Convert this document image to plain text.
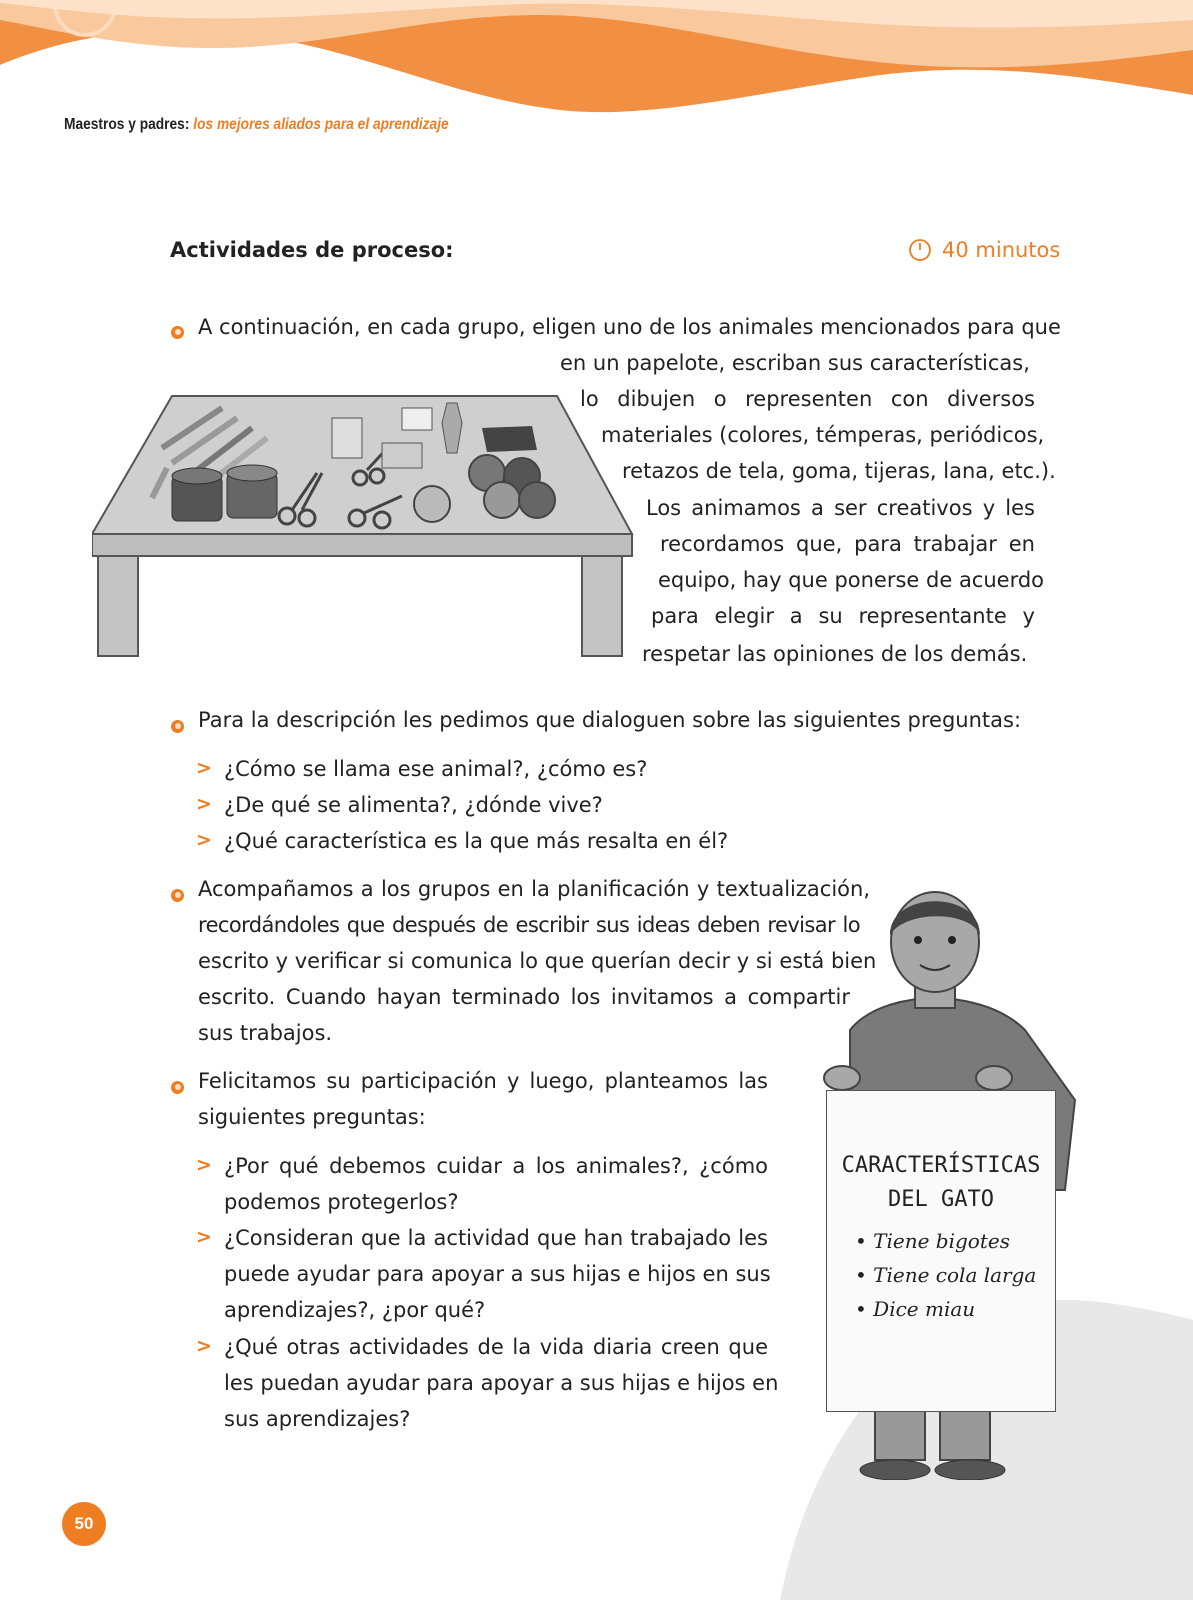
Maestros y padres: los mejores aliados para el aprendizaje
Actividades de proceso:	40 minutos
A continuación, en cada grupo, eligen uno de los animales mencionados para que
en un papelote, escriban sus características,
lo dibujen o representen con diversos
materiales (colores, témperas, periódicos,
retazos de tela, goma, tijeras, lana, etc.).
Los animamos a ser creativos y les
recordamos que, para trabajar en
equipo, hay que ponerse de acuerdo
para elegir a su representante y
respetar las opiniones de los demás.
Para la descripción les pedimos que dialoguen sobre las siguientes preguntas:
> ¿Cómo se llama ese animal?, ¿cómo es?
> ¿De qué se alimenta?, ¿dónde vive?
> ¿Qué característica es la que más resalta en él?
Acompañamos a los grupos en la planificación y textualización,
recordándoles que después de escribir sus ideas deben revisar lo
escrito y verificar si comunica lo que querían decir y si está bien
escrito. Cuando hayan terminado los invitamos a compartir
sus trabajos.
Felicitamos su participación y luego, planteamos las
siguientes preguntas:
> ¿Por qué debemos cuidar a los animales?, ¿cómo
podemos protegerlos?
> ¿Consideran que la actividad que han trabajado les
puede ayudar para apoyar a sus hijas e hijos en sus
aprendizajes?, ¿por qué?
> ¿Qué otras actividades de la vida diaria creen que
les puedan ayudar para apoyar a sus hijas e hijos en
sus aprendizajes?
CARACTERÍSTICAS
DEL GATO
• Tiene bigotes
• Tiene cola larga
• Dice miau
50
